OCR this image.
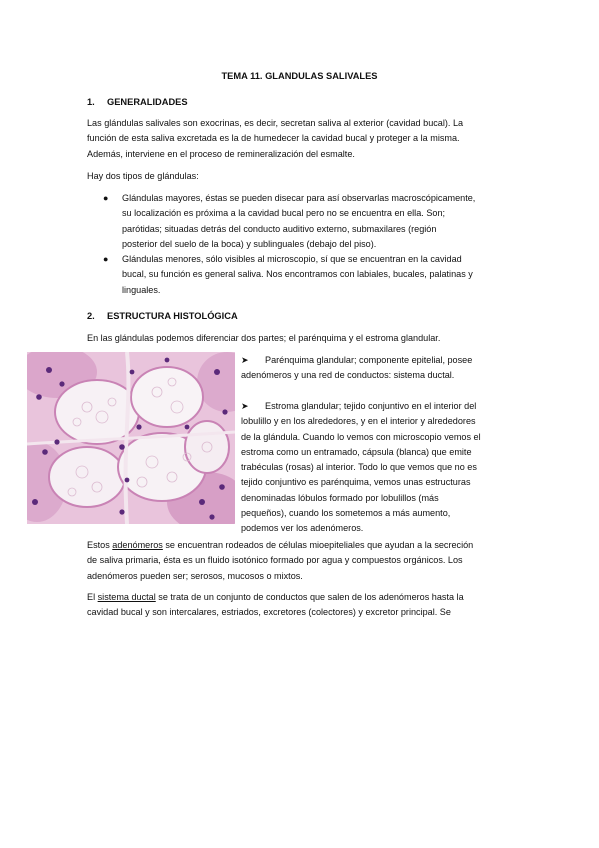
TEMA 11. GLANDULAS SALIVALES
1. GENERALIDADES
Las glándulas salivales son exocrinas, es decir, secretan saliva al exterior (cavidad bucal). La
función de esta saliva excretada es la de humedecer la cavidad bucal y proteger a la misma.
Además, interviene en el proceso de remineralización del esmalte.
Hay dos tipos de glándulas:
● Glándulas mayores, éstas se pueden disecar para así observarlas macroscópicamente,
su localización es próxima a la cavidad bucal pero no se encuentra en ella. Son;
parótidas; situadas detrás del conducto auditivo externo, submaxilares (región
posterior del suelo de la boca) y sublinguales (debajo del piso).
● Glándulas menores, sólo visibles al microscopio, sí que se encuentran en la cavidad
bucal, su función es general saliva. Nos encontramos con labiales, bucales, palatinas y
linguales.
2. ESTRUCTURA HISTOLÓGICA
En las glándulas podemos diferenciar dos partes; el parénquima y el estroma glandular.
➤ Parénquima glandular; componente epitelial, posee
adenómeros y una red de conductos: sistema ductal.
➤ Estroma glandular; tejido conjuntivo en el interior del
lobulillo y en los alrededores, y en el interior y alrededores
de la glándula. Cuando lo vemos con microscopio vemos el
estroma como un entramado, cápsula (blanca) que emite
trabéculas (rosas) al interior. Todo lo que vemos que no es
tejido conjuntivo es parénquima, vemos unas estructuras
denominadas lóbulos formado por lobulillos (más
pequeños), cuando los sometemos a más aumento,
podemos ver los adenómeros.
Estos adenómeros se encuentran rodeados de células mioepiteliales que ayudan a la secreción
de saliva primaria, ésta es un fluido isotónico formado por agua y compuestos orgánicos. Los
adenómeros pueden ser; serosos, mucosos o mixtos.
El sistema ductal se trata de un conjunto de conductos que salen de los adenómeros hasta la
cavidad bucal y son intercalares, estriados, excretores (colectores) y excretor principal. Se
